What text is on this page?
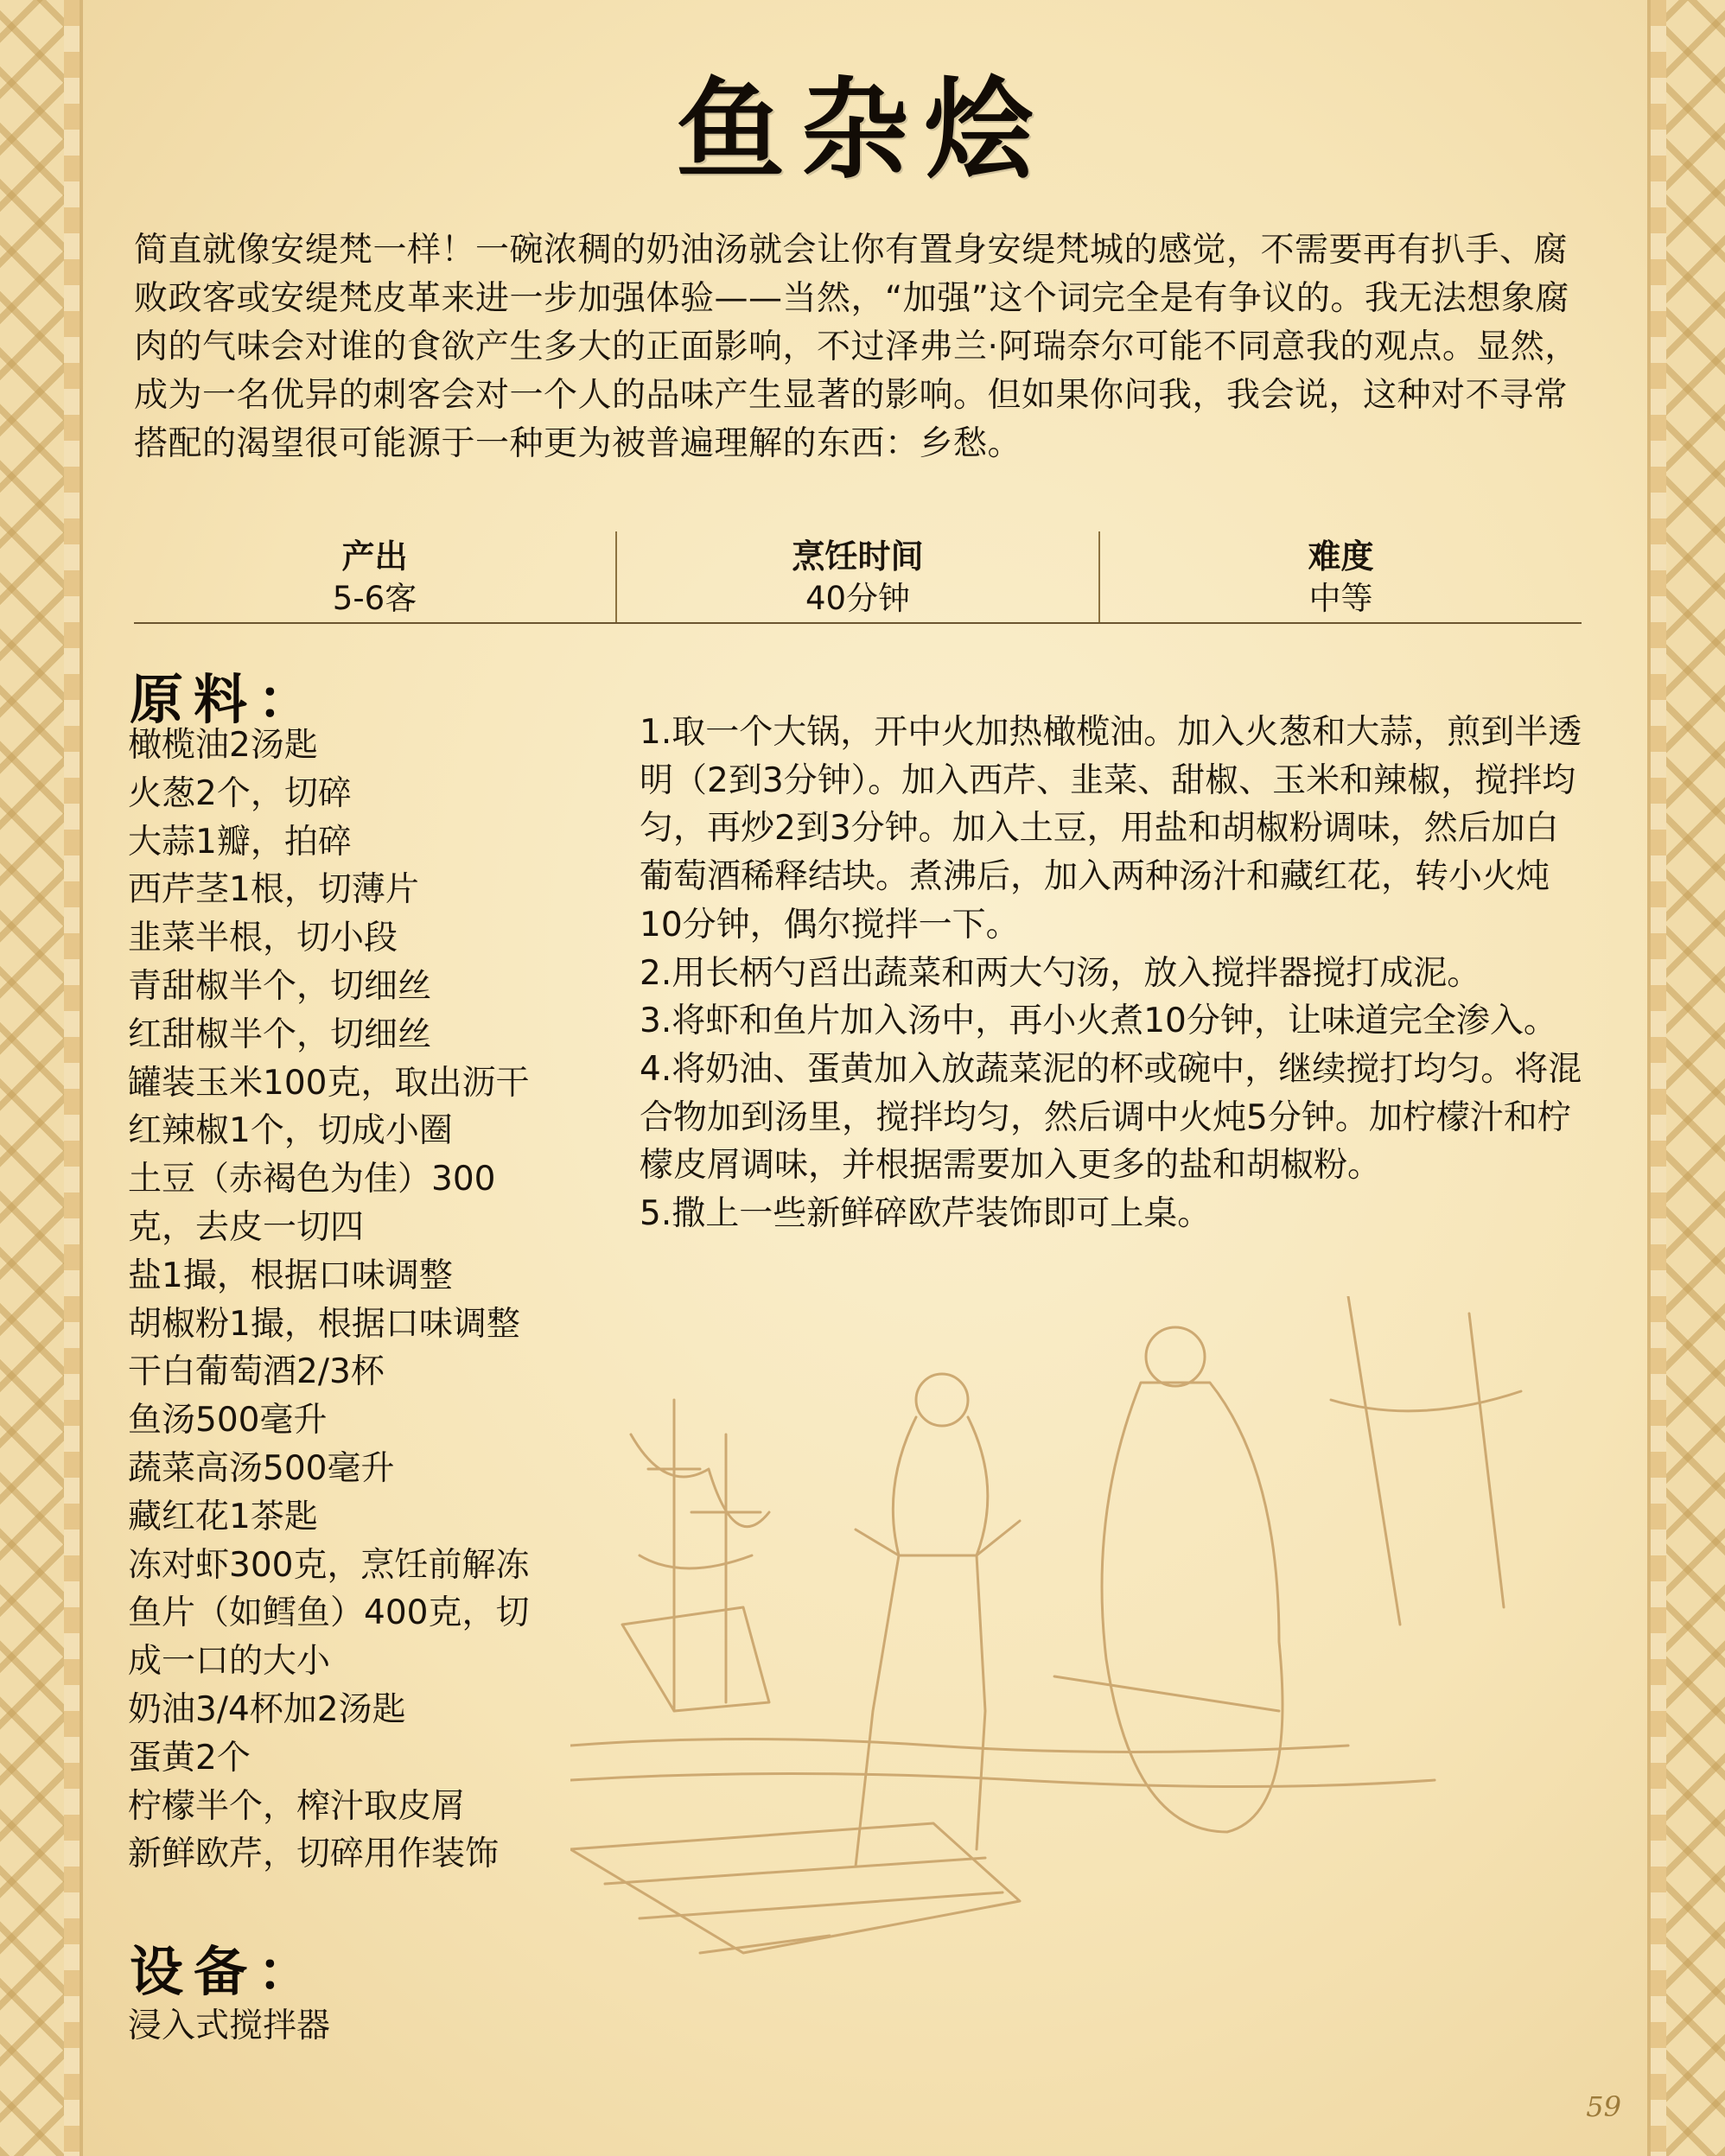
鱼杂烩
简直就像安缇梵一样！一碗浓稠的奶油汤就会让你有置身安缇梵城的感觉，不需要再有扒手、腐败政客或安缇梵皮革来进一步加强体验——当然，“加强”这个词完全是有争议的。我无法想象腐肉的气味会对谁的食欲产生多大的正面影响，不过泽弗兰·阿瑞奈尔可能不同意我的观点。显然，成为一名优异的刺客会对一个人的品味产生显著的影响。但如果你问我，我会说，这种对不寻常搭配的渴望很可能源于一种更为被普遍理解的东西：乡愁。
产出
5-6客
烹饪时间
40分钟
难度
中等
原料：
橄榄油2汤匙
火葱2个，切碎
大蒜1瓣，拍碎
西芹茎1根，切薄片
韭菜半根，切小段
青甜椒半个，切细丝
红甜椒半个，切细丝
罐装玉米100克，取出沥干
红辣椒1个，切成小圈
土豆（赤褐色为佳）300
克，去皮一切四
盐1撮，根据口味调整
胡椒粉1撮，根据口味调整
干白葡萄酒2/3杯
鱼汤500毫升
蔬菜高汤500毫升
藏红花1茶匙
冻对虾300克，烹饪前解冻
鱼片（如鳕鱼）400克，切
成一口的大小
奶油3/4杯加2汤匙
蛋黄2个
柠檬半个，榨汁取皮屑
新鲜欧芹，切碎用作装饰
1.取一个大锅，开中火加热橄榄油。加入火葱和大蒜，煎到半透明（2到3分钟）。加入西芹、韭菜、甜椒、玉米和辣椒，搅拌均匀，再炒2到3分钟。加入土豆，用盐和胡椒粉调味，然后加白葡萄酒稀释结块。煮沸后，加入两种汤汁和藏红花，转小火炖10分钟，偶尔搅拌一下。
2.用长柄勺舀出蔬菜和两大勺汤，放入搅拌器搅打成泥。
3.将虾和鱼片加入汤中，再小火煮10分钟，让味道完全渗入。
4.将奶油、蛋黄加入放蔬菜泥的杯或碗中，继续搅打均匀。将混合物加到汤里，搅拌均匀，然后调中火炖5分钟。加柠檬汁和柠檬皮屑调味，并根据需要加入更多的盐和胡椒粉。
5.撒上一些新鲜碎欧芹装饰即可上桌。
设备：
浸入式搅拌器
59
